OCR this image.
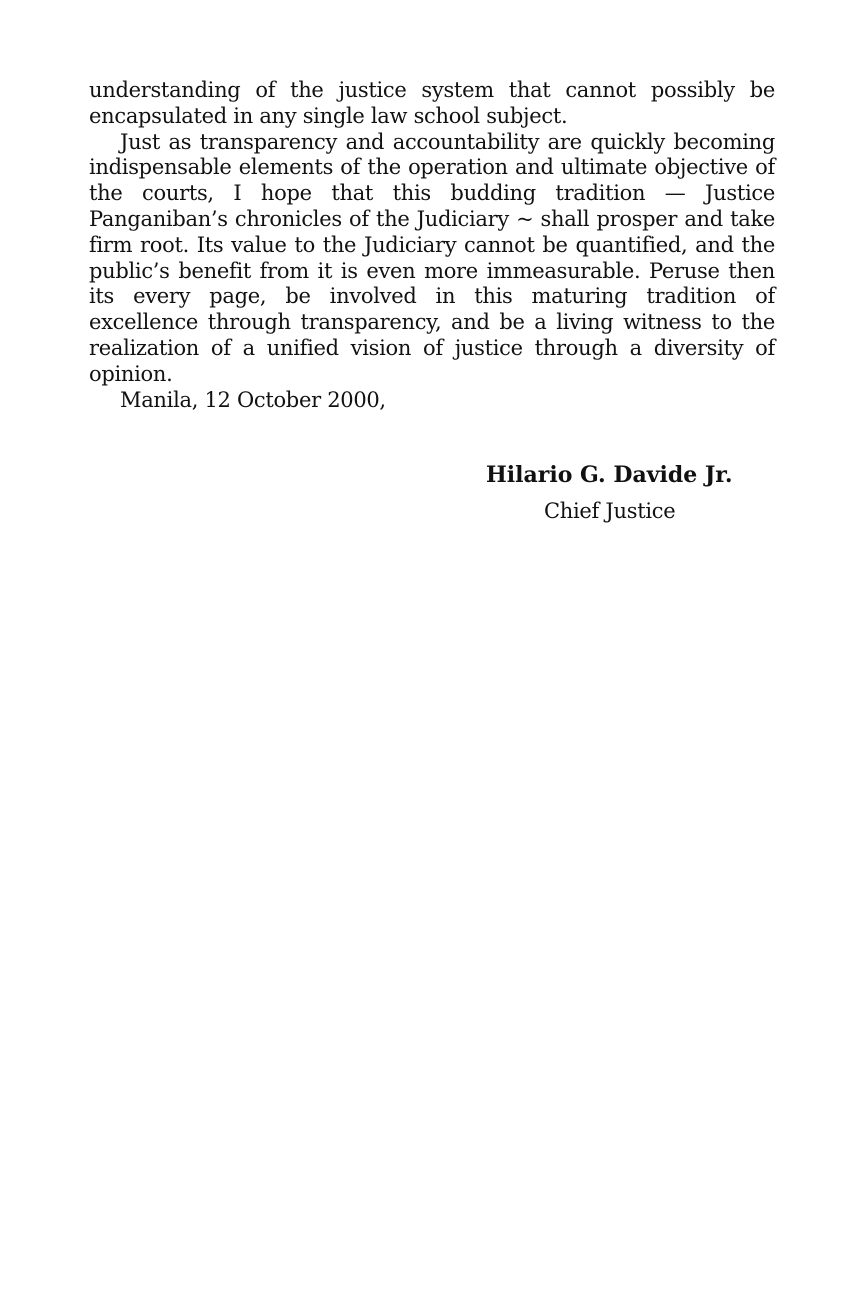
understanding of the justice system that cannot possibly be encapsulated in any single law school subject.

Just as transparency and accountability are quickly becoming indispensable elements of the operation and ultimate objective of the courts, I hope that this budding tradition — Justice Panganiban’s chronicles of the Judiciary ~ shall prosper and take firm root. Its value to the Judiciary cannot be quantified, and the public’s benefit from it is even more immeasurable. Peruse then its every page, be involved in this maturing tradition of excellence through transparency, and be a living witness to the realization of a unified vision of justice through a diversity of opinion.

Manila, 12 October 2000,

Hilario G. Davide Jr.
Chief Justice
